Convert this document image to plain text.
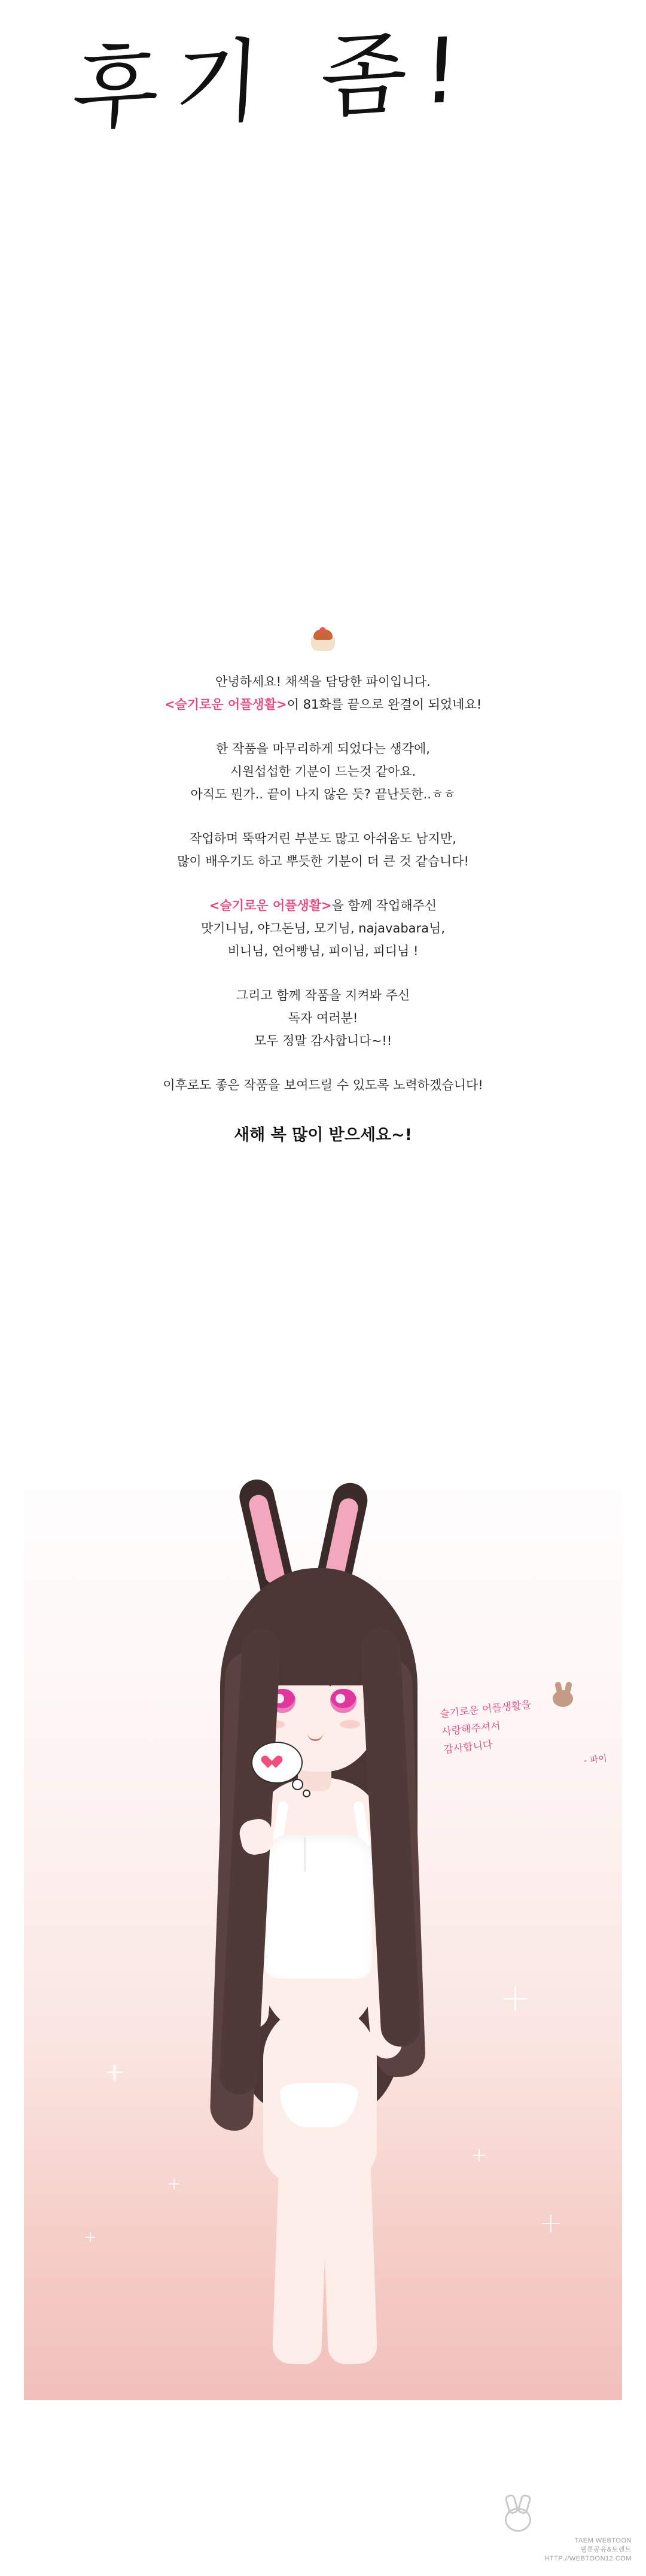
후기 좀!
안녕하세요! 채색을 담당한 파이입니다.
<슬기로운 어플생활>이 81화를 끝으로 완결이 되었네요!
한 작품을 마무리하게 되었다는 생각에,
시원섭섭한 기분이 드는것 같아요.
아직도 뭔가.. 끝이 나지 않은 듯? 끝난듯한..ㅎㅎ
작업하며 뚝딱거린 부분도 많고 아쉬움도 남지만,
많이 배우기도 하고 뿌듯한 기분이 더 큰 것 같습니다!
<슬기로운 어플생활>을 함께 작업해주신
맛기니님, 야그돈님, 모기님, najavabara님,
비니님, 연어빵님, 피이님, 피디님 !
그리고 함께 작품을 지켜봐 주신
독자 여러분!
모두 정말 감사합니다~!!
이후로도 좋은 작품을 보여드릴 수 있도록 노력하겠습니다!
새해 복 많이 받으세요~!
슬기로운 어플생활을
사랑해주셔서
감사합니다
- 파이
TAEM WEBTOON
웹툰공유&토렌트
HTTP://WEBTOON12.COM
